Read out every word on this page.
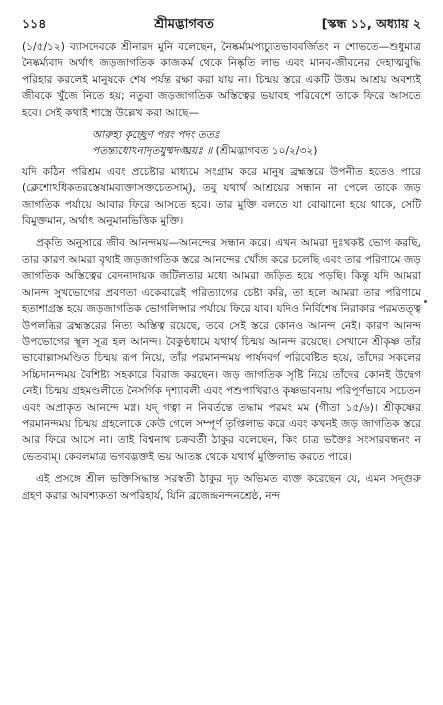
১১৪	শ্রীমদ্ভাগবত	[স্কন্ধ ১১, অধ্যায় ২

(১/৫/১২) ব্যাসদেবকে শ্রীনারদ মুনি বলেছেন, নৈষ্কর্ম্যমপ্যচ্যুতভাববর্জিতং ন শোভতে—শুধুমাত্র নৈষ্কর্ম্যবাদ অর্থাৎ জড়জাগতিক কাজকর্ম থেকে নিষ্কৃতি লাভ এবং মানব-জীবনের দেহাত্মবুদ্ধি পরিহার করলেই মানুষকে শেষ পর্যন্ত রক্ষা করা যায় না। চিন্ময় স্তরে একটি উত্তম আশ্রয় অবশ্যই জীবকে খুঁজে নিতে হয়; নতুবা জড়জাগতিক অস্তিত্বের ভয়াবহ পরিবেশে তাকে ফিরে আসতে হবে। সেই কথাই শাস্ত্রে উল্লেখ করা আছে—

আরুহ্য কৃচ্ছ্রেণ পরং পদং ততঃ
পতন্ত্যধোঽনাদৃতযুষ্মদঙ্ঘ্রয়ঃ ॥ (শ্রীমদ্ভাগবত ১০/২/৩২)

যদি কঠিন পরিশ্রম এবং প্রচেষ্টার মাধ্যমে সংগ্রাম করে মানুষ ব্রহ্মস্তরে উপনীত হতেও পারে (ক্লেশোঽধিকতরস্তেষামব্যক্তাসক্তচেতসাম্), তবু যথার্থ আশ্রয়ের সন্ধান না পেলে তাকে জড় জাগতিক পর্যায়ে আবার ফিরে আসতে হবে। তার মুক্তি বলতে যা বোঝানো হয়ে থাকে, সেটি বিমুক্তমান, অর্থাৎ অনুমানভিত্তিক মুক্তি।

প্রকৃতি অনুসারে জীব আনন্দময়—আনন্দের সন্ধান করে। এখন আমরা দুঃখকষ্ট ভোগ করছি, তার কারণ আমরা বৃথাই জড়জাগতিক স্তরে আনন্দের খোঁজ করে চলেছি এবং তার পরিণামে জড় জাগতিক অস্তিত্বের বেদনাদায়ক জটিলতার মধ্যে আমরা জড়িত হয়ে পড়ছি। কিন্তু যদি আমরা আনন্দ সুখভোগের প্রবণতা একেবারেই পরিত্যাগের চেষ্টা করি, তা হলে আমরা তার পরিণামে হতাশাগ্রস্ত হয়ে জড়জাগতিক ভোগলিপ্সার পর্যায়ে ফিরে যাব। যদিও নির্বিশেষ নিরাকার পরমতত্ত্ব উপলব্ধির ব্রহ্মস্তরের নিত্য অস্তিত্ব রয়েছে, তবে সেই স্তরে কোনও আনন্দ নেই। কারণ আনন্দ উপভোগের স্থূল সূত্র হল আনন্দ। বৈকুণ্ঠধামে যথার্থ চিন্ময় আনন্দ রয়েছে। সেখানে শ্রীকৃষ্ণ তাঁর ভাবোল্লাসমণ্ডিত চিন্ময় রূপ নিয়ে, তাঁর পরমানন্দময় পার্ষদবর্গ পরিবেষ্টিত হয়ে, তাঁদের সকলের সচ্চিদানন্দময় বৈশিষ্ট্য সহকারে বিরাজ করছেন। জড় জাগতিক সৃষ্টি নিয়ে তাঁদের কোনই উদ্বেগ নেই। চিন্ময় গ্রহমণ্ডলীতে নৈসর্গিক দৃশ্যাবলী এবং পশুপাখিরাও কৃষ্ণভাবনায় পরিপূর্ণভাবে সচেতন এবং অপ্রাকৃত আনন্দে মগ্ন। যদ্ গত্বা ন নিবর্তন্তে তদ্ধাম পরমং মম (গীতা ১৫/৬)। শ্রীকৃষ্ণের পরমানন্দময় চিন্ময় গ্রহলোকে কেউ গেলে সম্পূর্ণ তৃপ্তিলাভ করে এবং কখনই জড় জাগতিক স্তরে আর ফিরে আসে না। তাই বিশ্বনাথ চক্রবর্তী ঠাকুর বলেছেন, কিং চাত্র ভক্তৈঃ সংসারবন্ধনং ন ভেতব্যম্। কেবলমাত্র ভগবদ্ভক্তই ভয় আতঙ্ক থেকে যথার্থ মুক্তিলাভ করতে পারে।

এই প্রসঙ্গে শ্রীল ভক্তিসিদ্ধান্ত সরস্বতী ঠাকুর দৃঢ় অভিমত ব্যক্ত করেছেন যে, এমন সদ্গুরু গ্রহণ করার আবশ্যকতা অপরিহার্য, যিনি ব্রজেন্দ্রনন্দনশ্রেষ্ঠ, নন্দ
